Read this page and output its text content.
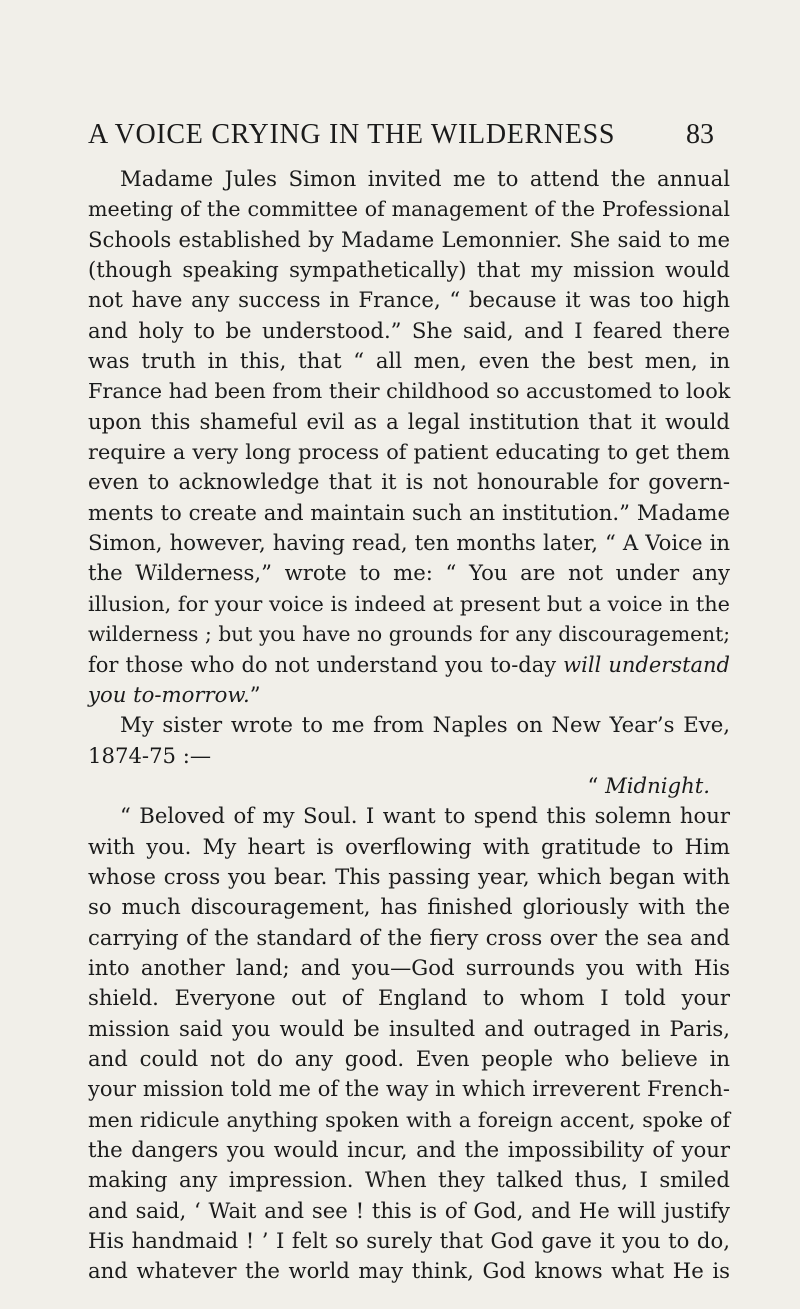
A VOICE CRYING IN THE WILDERNESS	83
Madame Jules Simon invited me to attend the annual
meeting of the committee of management of the Professional
Schools established by Madame Lemonnier. She said to me
(though speaking sympathetically) that my mission would
not have any success in France, “ because it was too high
and holy to be understood.” She said, and I feared there
was truth in this, that “ all men, even the best men, in
France had been from their childhood so accustomed to look
upon this shameful evil as a legal institution that it would
require a very long process of patient educating to get them
even to acknowledge that it is not honourable for govern-
ments to create and maintain such an institution.” Madame
Simon, however, having read, ten months later, “ A Voice in
the Wilderness,” wrote to me: “ You are not under any
illusion, for your voice is indeed at present but a voice in the
wilderness ; but you have no grounds for any discouragement;
for those who do not understand you to-day will understand
you to-morrow.”
My sister wrote to me from Naples on New Year’s Eve,
1874-75 :—
“ Midnight.
“ Beloved of my Soul. I want to spend this solemn hour
with you. My heart is overflowing with gratitude to Him
whose cross you bear. This passing year, which began with
so much discouragement, has finished gloriously with the
carrying of the standard of the fiery cross over the sea and
into another land; and you—God surrounds you with His
shield. Everyone out of England to whom I told your
mission said you would be insulted and outraged in Paris,
and could not do any good. Even people who believe in
your mission told me of the way in which irreverent French-
men ridicule anything spoken with a foreign accent, spoke of
the dangers you would incur, and the impossibility of your
making any impression. When they talked thus, I smiled
and said, ‘ Wait and see ! this is of God, and He will justify
His handmaid ! ’ I felt so surely that God gave it you to do,
and whatever the world may think, God knows what He is
